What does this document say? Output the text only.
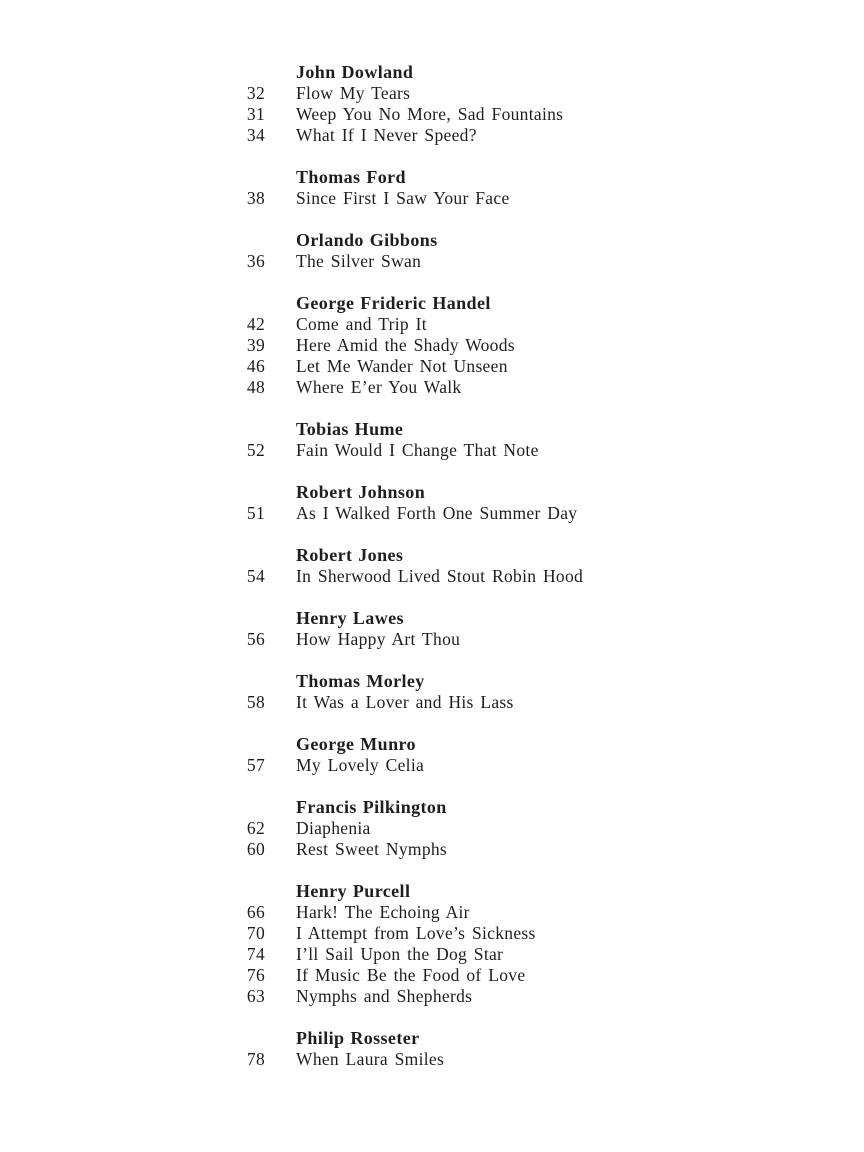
John Dowland
32 Flow My Tears
31 Weep You No More, Sad Fountains
34 What If I Never Speed?
Thomas Ford
38 Since First I Saw Your Face
Orlando Gibbons
36 The Silver Swan
George Frideric Handel
42 Come and Trip It
39 Here Amid the Shady Woods
46 Let Me Wander Not Unseen
48 Where E’er You Walk
Tobias Hume
52 Fain Would I Change That Note
Robert Johnson
51 As I Walked Forth One Summer Day
Robert Jones
54 In Sherwood Lived Stout Robin Hood
Henry Lawes
56 How Happy Art Thou
Thomas Morley
58 It Was a Lover and His Lass
George Munro
57 My Lovely Celia
Francis Pilkington
62 Diaphenia
60 Rest Sweet Nymphs
Henry Purcell
66 Hark! The Echoing Air
70 I Attempt from Love’s Sickness
74 I’ll Sail Upon the Dog Star
76 If Music Be the Food of Love
63 Nymphs and Shepherds
Philip Rosseter
78 When Laura Smiles
